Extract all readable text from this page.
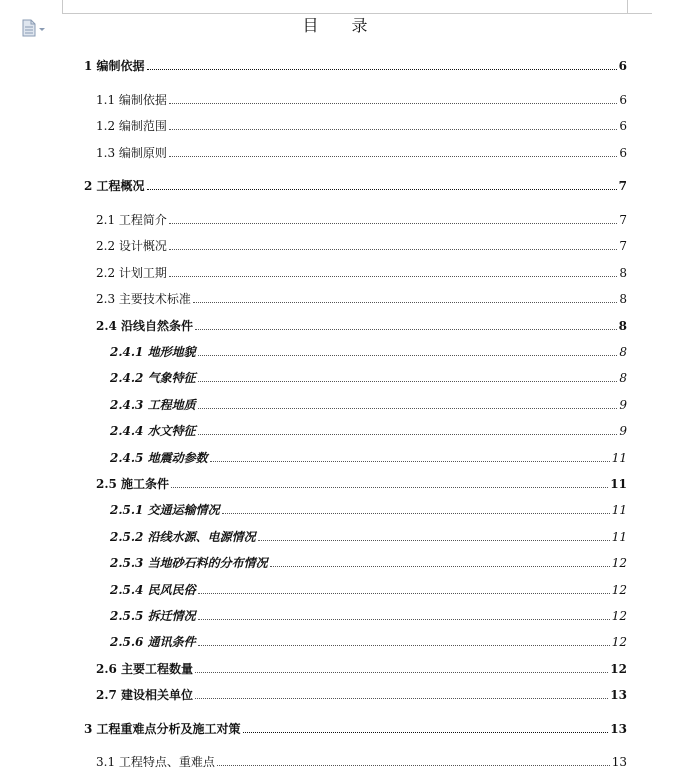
目 录
1 编制依据	6
1.1 编制依据	6
1.2 编制范围	6
1.3 编制原则	6
2 工程概况	7
2.1 工程简介	7
2.2 设计概况	7
2.2 计划工期	8
2.3 主要技术标准	8
2.4 沿线自然条件	8
2.4.1 地形地貌	8
2.4.2 气象特征	8
2.4.3 工程地质	9
2.4.4 水文特征	9
2.4.5 地震动参数	11
2.5 施工条件	11
2.5.1 交通运输情况	11
2.5.2 沿线水源、电源情况	11
2.5.3 当地砂石料的分布情况	12
2.5.4 民风民俗	12
2.5.5 拆迁情况	12
2.5.6 通讯条件	12
2.6 主要工程数量	12
2.7 建设相关单位	13
3 工程重难点分析及施工对策	13
3.1 工程特点、重难点	13
